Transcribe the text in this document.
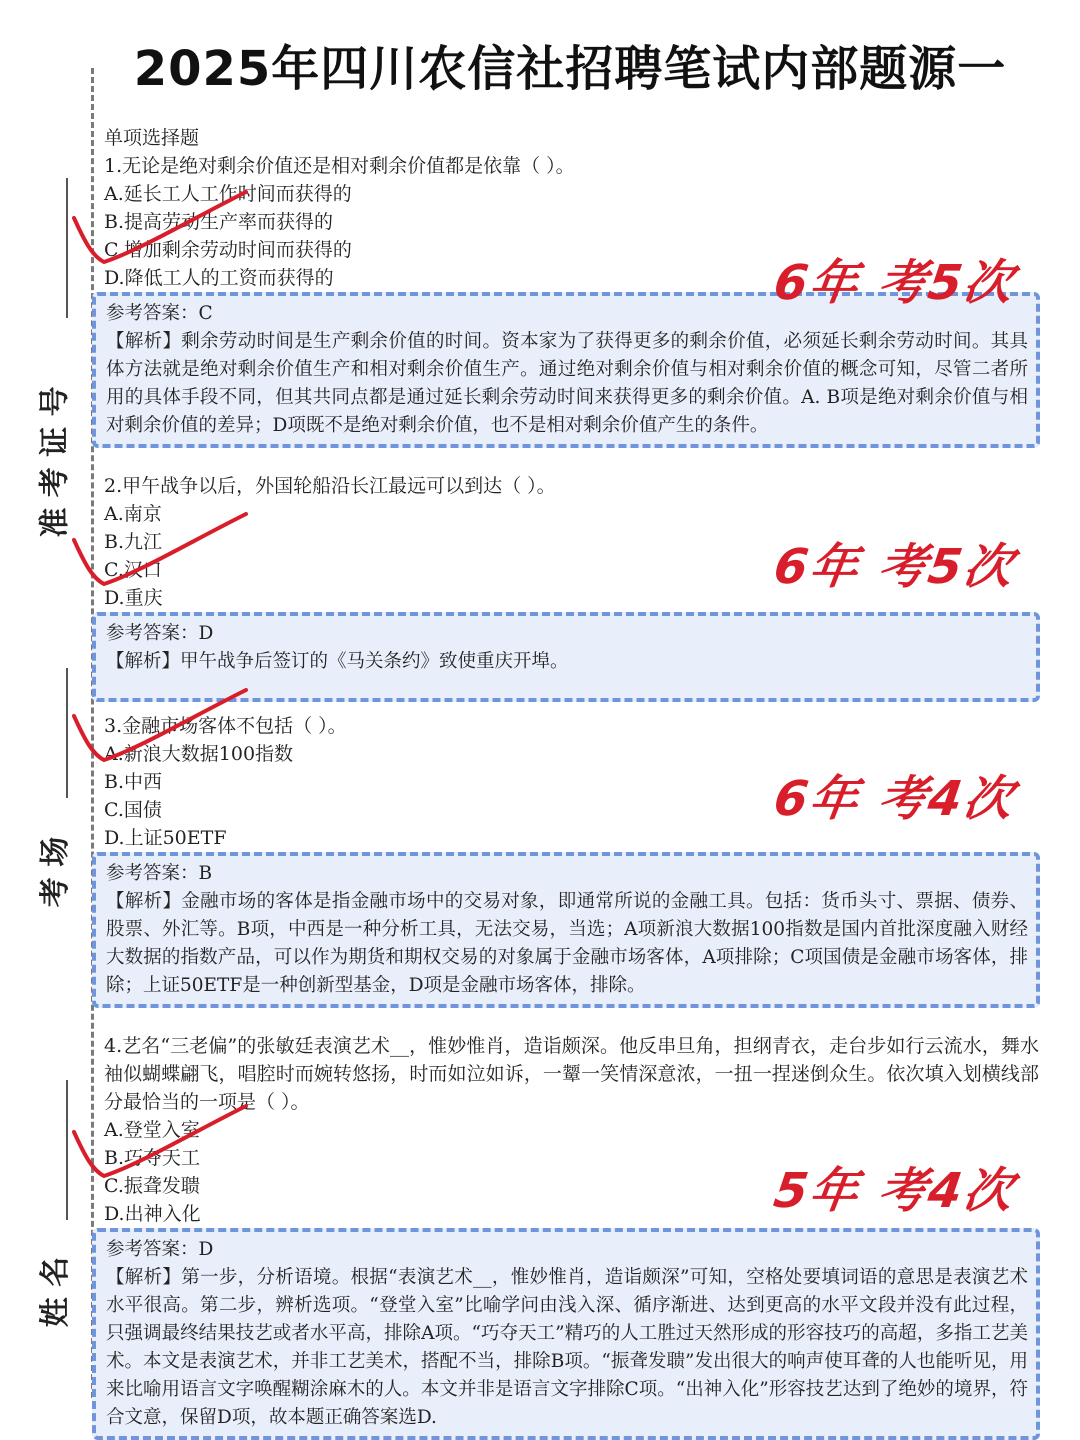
2025年四川农信社招聘笔试内部题源一
准 考 证 号
考 场
姓 名
单项选择题
1.无论是绝对剩余价值还是相对剩余价值都是依靠（ ）。
A.延长工人工作时间而获得的
B.提高劳动生产率而获得的
C.增加剩余劳动时间而获得的
D.降低工人的工资而获得的	6年 考5次
参考答案：C
【解析】剩余劳动时间是生产剩余价值的时间。资本家为了获得更多的剩余价值，必须延长剩余劳动时间。其具体方法就是绝对剩余价值生产和相对剩余价值生产。通过绝对剩余价值与相对剩余价值的概念可知，尽管二者所用的具体手段不同，但其共同点都是通过延长剩余劳动时间来获得更多的剩余价值。A. B项是绝对剩余价值与相对剩余价值的差异；D项既不是绝对剩余价值，也不是相对剩余价值产生的条件。
2.甲午战争以后，外国轮船沿长江最远可以到达（ ）。
A.南京
B.九江
C.汉口
D.重庆
6年 考5次
参考答案：D
【解析】甲午战争后签订的《马关条约》致使重庆开埠。
3.金融市场客体不包括（ ）。
A.新浪大数据100指数
B.中西
C.国债
D.上证50ETF
6年 考4次
参考答案：B
【解析】金融市场的客体是指金融市场中的交易对象，即通常所说的金融工具。包括：货币头寸、票据、债券、股票、外汇等。B项，中西是一种分析工具，无法交易，当选；A项新浪大数据100指数是国内首批深度融入财经大数据的指数产品，可以作为期货和期权交易的对象属于金融市场客体，A项排除；C项国债是金融市场客体，排除；上证50ETF是一种创新型基金，D项是金融市场客体，排除。
4.艺名“三老偏”的张敏廷表演艺术__，惟妙惟肖，造诣颇深。他反串旦角，担纲青衣，走台步如行云流水，舞水袖似蝴蝶翩飞，唱腔时而婉转悠扬，时而如泣如诉，一颦一笑情深意浓，一扭一捏迷倒众生。依次填入划横线部分最恰当的一项是（ ）。
A.登堂入室
B.巧夺天工
C.振聋发聩
D.出神入化	5年 考4次
参考答案：D
【解析】第一步，分析语境。根据“表演艺术__，惟妙惟肖，造诣颇深”可知，空格处要填词语的意思是表演艺术水平很高。第二步，辨析选项。“登堂入室”比喻学问由浅入深、循序渐进、达到更高的水平文段并没有此过程，只强调最终结果技艺或者水平高，排除A项。“巧夺天工”精巧的人工胜过天然形成的形容技巧的高超，多指工艺美术。本文是表演艺术，并非工艺美术，搭配不当，排除B项。“振聋发聩”发出很大的响声使耳聋的人也能听见，用来比喻用语言文字唤醒糊涂麻木的人。本文并非是语言文字排除C项。“出神入化”形容技艺达到了绝妙的境界，符合文意，保留D项，故本题正确答案选D.
